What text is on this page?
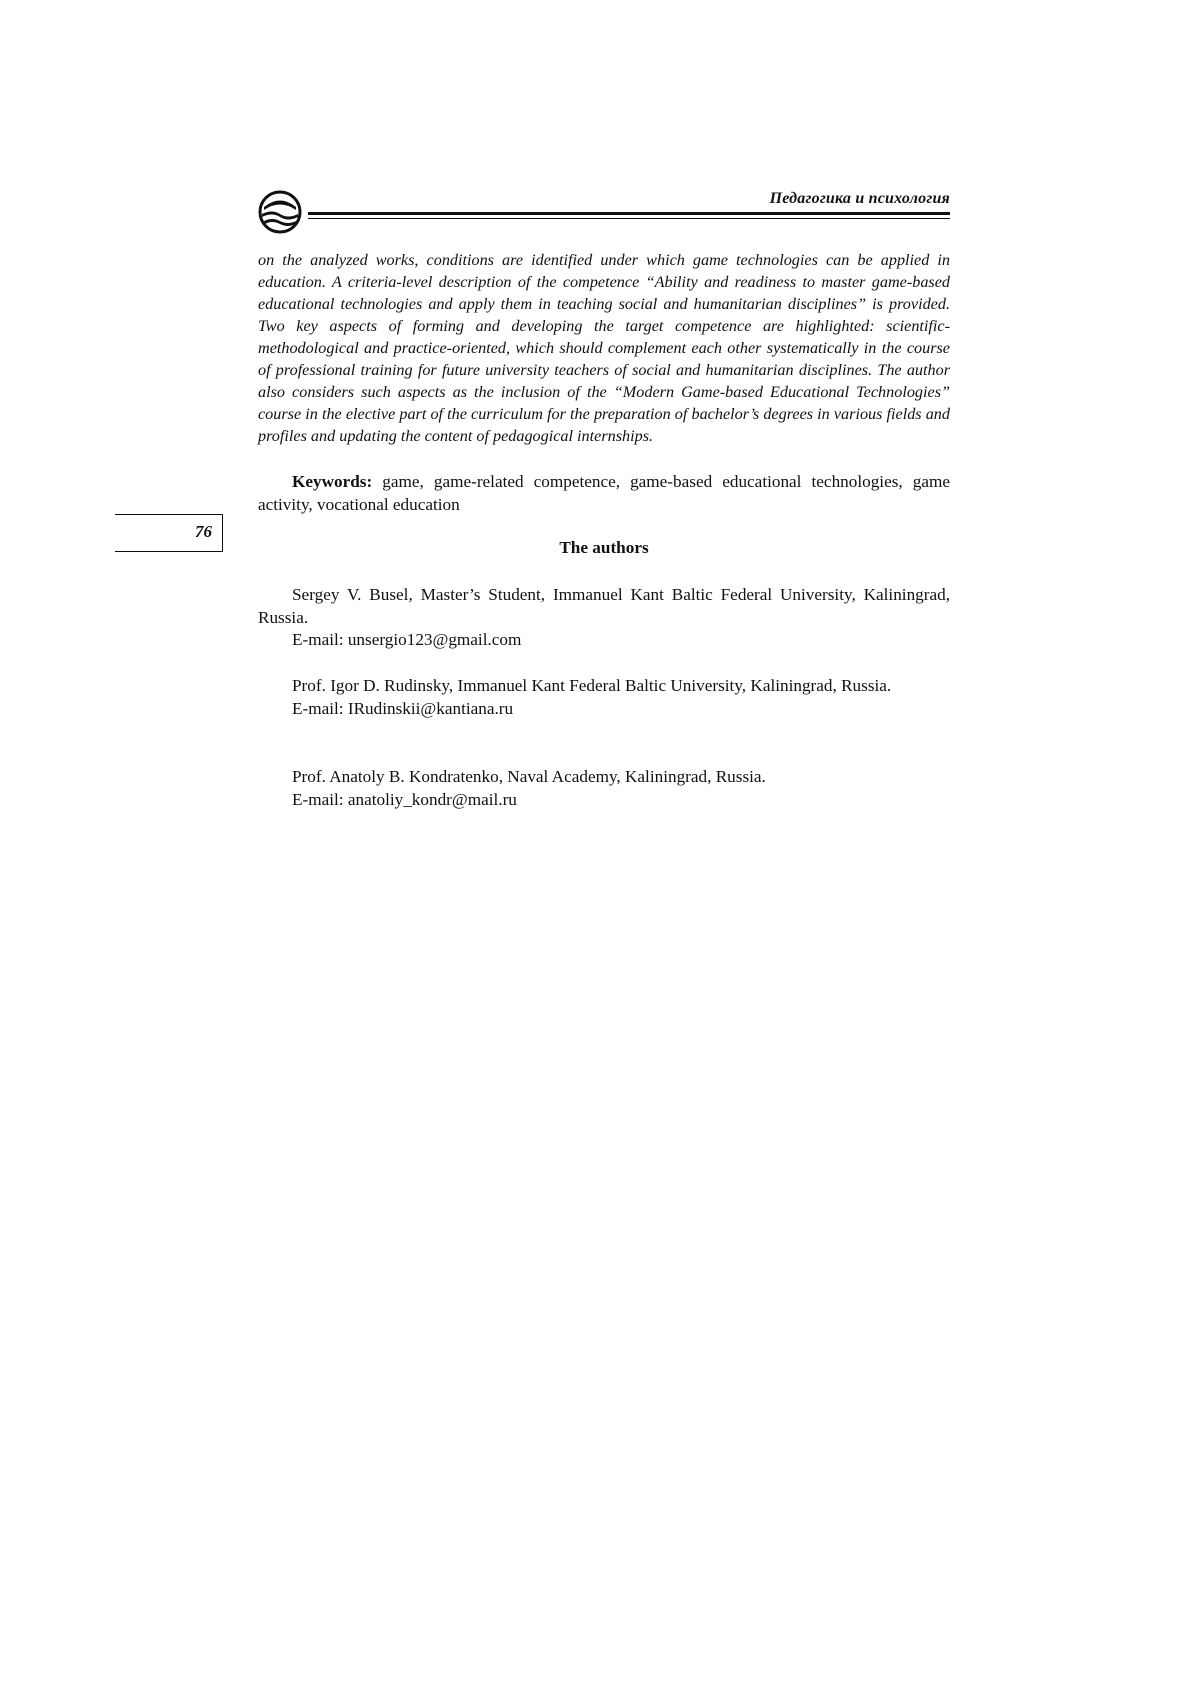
Педагогика и психология

on the analyzed works, conditions are identified under which game technologies can be applied in education. A criteria-level description of the competence “Ability and readiness to master game-based educational technologies and apply them in teaching social and humanitarian disciplines” is provided. Two key aspects of forming and developing the target competence are highlighted: scientific-methodological and practice-oriented, which should complement each other systematically in the course of professional training for future university teachers of social and humanitarian disciplines. The author also considers such aspects as the inclusion of the “Modern Game-based Educational Technologies” course in the elective part of the curriculum for the preparation of bachelor’s degrees in various fields and profiles and updating the content of pedagogical internships.

Keywords: game, game-related competence, game-based educational technologies, game activity, vocational education
76
The authors

Sergey V. Busel, Master’s Student, Immanuel Kant Baltic Federal University, Kaliningrad, Russia.

E-mail: unsergio123@gmail.com

Prof. Igor D. Rudinsky, Immanuel Kant Federal Baltic University, Kaliningrad, Russia.

E-mail: IRudinskii@kantiana.ru

Prof. Anatoly B. Kondratenko, Naval Academy, Kaliningrad, Russia.

E-mail: anatoliy_kondr@mail.ru
